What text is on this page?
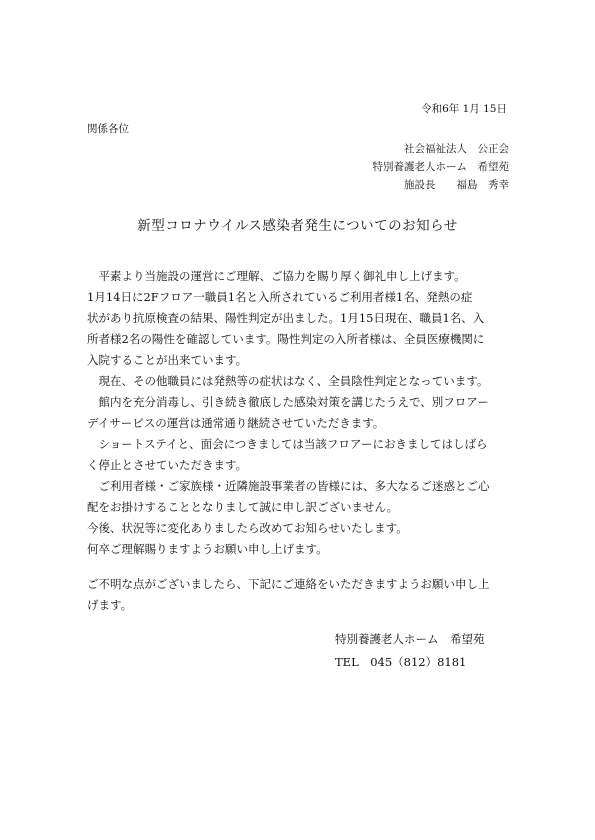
令和6年 1月 15日
関係各位
社会福祉法人　公正会
特別養護老人ホーム　希望苑
施設長　　福島　秀幸
新型コロナウイルス感染者発生についてのお知らせ
　平素より当施設の運営にご理解、ご協力を賜り厚く御礼申し上げます。
1月14日に2Fフロア一職員1名と入所されているご利用者様1名、発熱の症
状があり抗原検査の結果、陽性判定が出ました。1月15日現在、職員1名、入
所者様2名の陽性を確認しています。陽性判定の入所者様は、全員医療機関に
入院することが出来ています。
　現在、その他職員には発熱等の症状はなく、全員陰性判定となっています。
　館内を充分消毒し、引き続き徹底した感染対策を講じたうえで、別フロアー
デイサービスの運営は通常通り継続させていただきます。
　ショートステイと、面会につきましては当該フロアーにおきましてはしばら
く停止とさせていただきます。
　ご利用者様・ご家族様・近隣施設事業者の皆様には、多大なるご迷惑とご心
配をお掛けすることとなりまして誠に申し訳ございません。
今後、状況等に変化ありましたら改めてお知らせいたします。
何卒ご理解賜りますようお願い申し上げます。
ご不明な点がございましたら、下記にご連絡をいただきますようお願い申し上
げます。
特別養護老人ホーム　希望苑
TEL　045（812）8181
